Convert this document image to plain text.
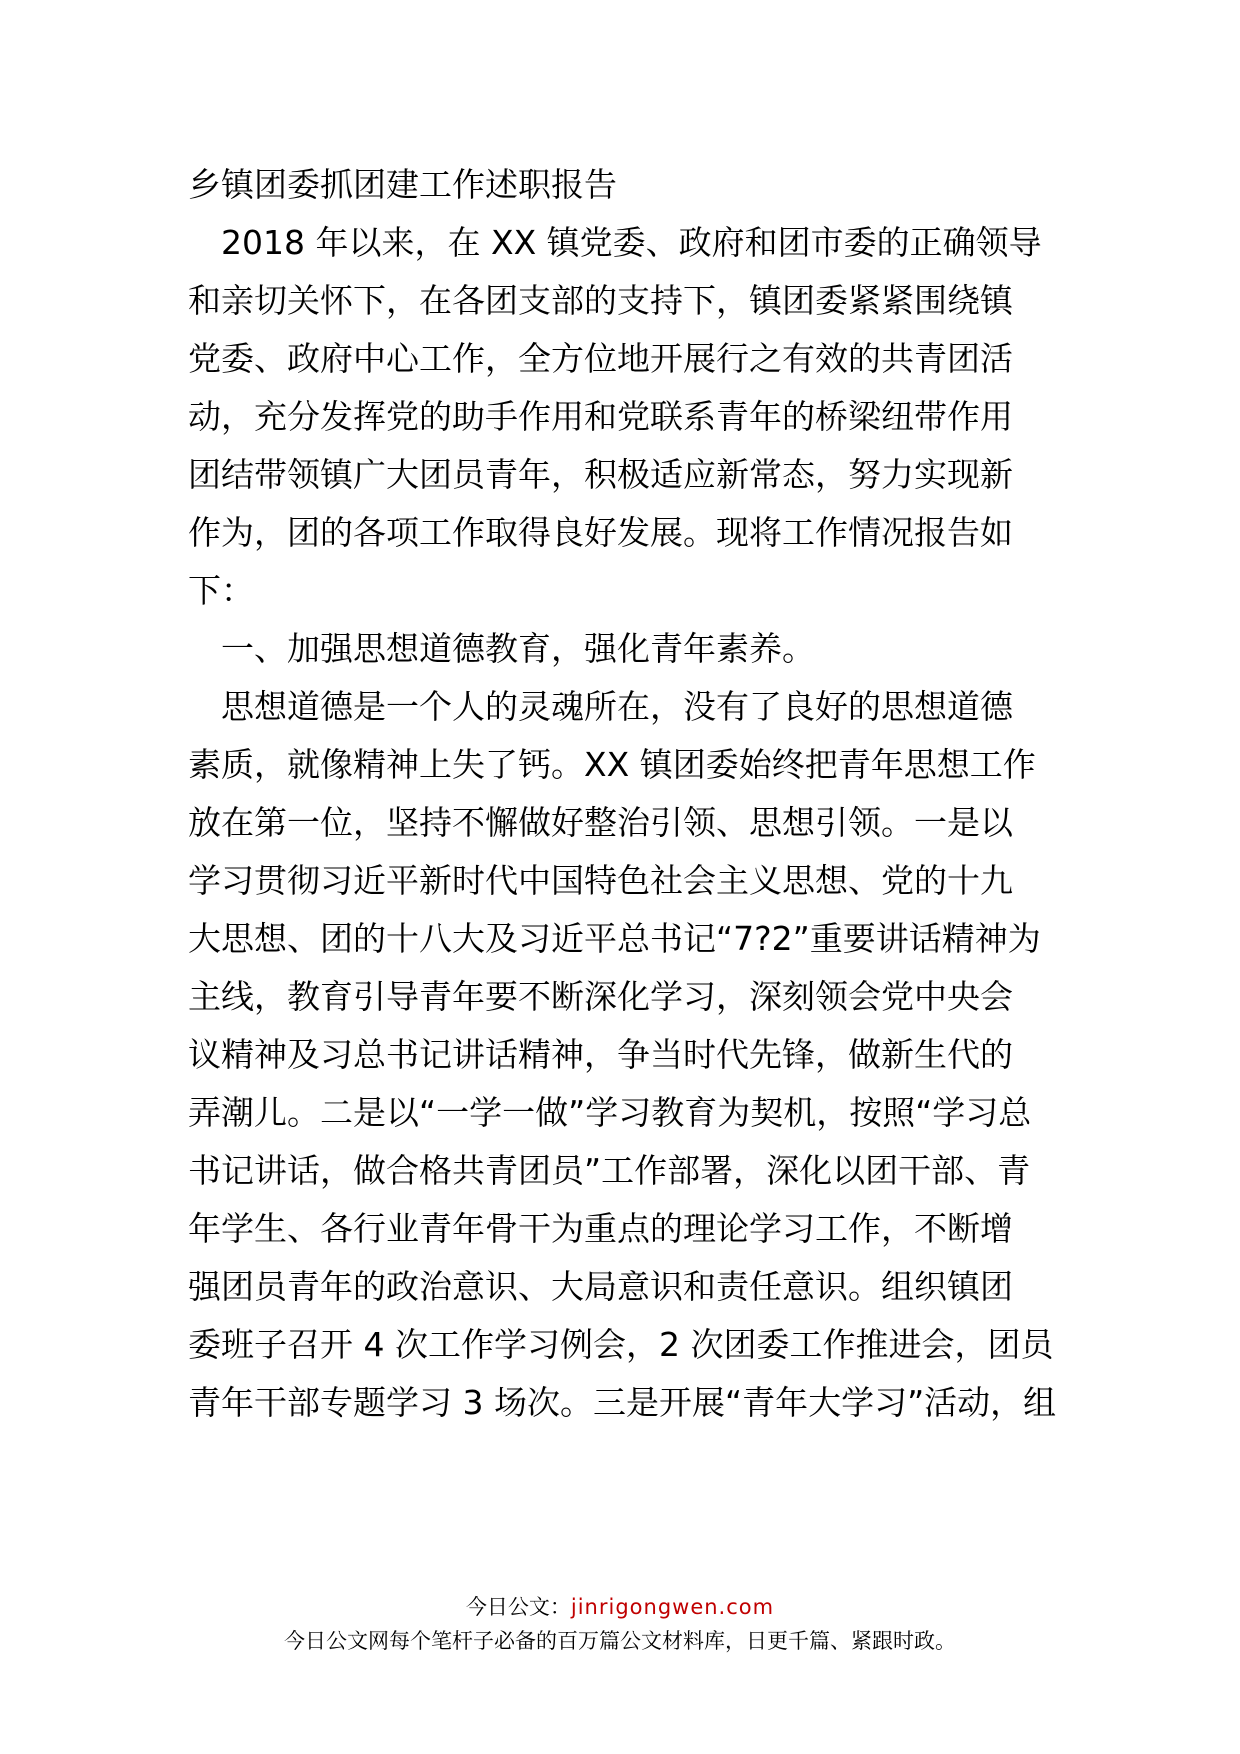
乡镇团委抓团建工作述职报告
　2018 年以来，在 XX 镇党委、政府和团市委的正确领导
和亲切关怀下，在各团支部的支持下，镇团委紧紧围绕镇
党委、政府中心工作，全方位地开展行之有效的共青团活
动，充分发挥党的助手作用和党联系青年的桥梁纽带作用
团结带领镇广大团员青年，积极适应新常态，努力实现新
作为，团的各项工作取得良好发展。现将工作情况报告如
下：
　一、加强思想道德教育，强化青年素养。
　思想道德是一个人的灵魂所在，没有了良好的思想道德
素质，就像精神上失了钙。XX 镇团委始终把青年思想工作
放在第一位，坚持不懈做好整治引领、思想引领。一是以
学习贯彻习近平新时代中国特色社会主义思想、党的十九
大思想、团的十八大及习近平总书记“7?2”重要讲话精神为
主线，教育引导青年要不断深化学习，深刻领会党中央会
议精神及习总书记讲话精神，争当时代先锋，做新生代的
弄潮儿。二是以“一学一做”学习教育为契机，按照“学习总
书记讲话，做合格共青团员”工作部署，深化以团干部、青
年学生、各行业青年骨干为重点的理论学习工作，不断增
强团员青年的政治意识、大局意识和责任意识。组织镇团
委班子召开 4 次工作学习例会，2 次团委工作推进会，团员
青年干部专题学习 3 场次。三是开展“青年大学习”活动，组
今日公文：jinrigongwen.com
今日公文网每个笔杆子必备的百万篇公文材料库，日更千篇、紧跟时政。
